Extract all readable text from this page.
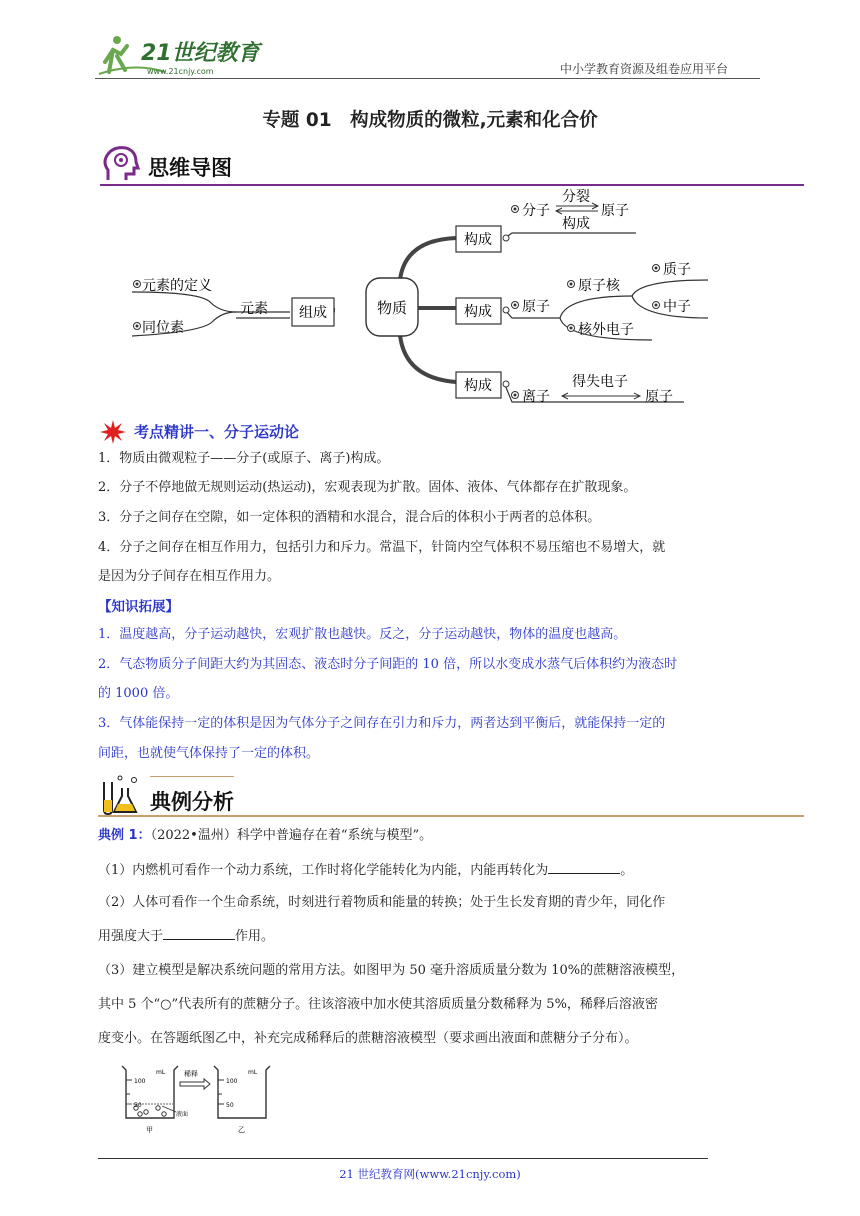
21世纪教育
www.21cnjy.com	中小学教育资源及组卷应用平台
专题 01　构成物质的微粒,元素和化合价
思维导图
物质
组成
构成
构成
构成
元素的定义
同位素
元素
分子
分裂
构成
原子
原子
原子核
核外电子
质子
中子
离子
得失电子
原子
考点精讲一、分子运动论
1．物质由微观粒子——分子(或原子、离子)构成。
2．分子不停地做无规则运动(热运动)，宏观表现为扩散。固体、液体、气体都存在扩散现象。
3．分子之间存在空隙，如一定体积的酒精和水混合，混合后的体积小于两者的总体积。
4．分子之间存在相互作用力，包括引力和斥力。常温下，针筒内空气体积不易压缩也不易增大，就
是因为分子间存在相互作用力。
【知识拓展】
1．温度越高，分子运动越快，宏观扩散也越快。反之，分子运动越快，物体的温度也越高。
2．气态物质分子间距大约为其固态、液态时分子间距的 10 倍，所以水变成水蒸气后体积约为液态时
的 1000 倍。
3．气体能保持一定的体积是因为气体分子之间存在引力和斥力，两者达到平衡后，就能保持一定的
间距，也就使气体保持了一定的体积。
典例分析
典例 1：（2022•温州）科学中普遍存在着“系统与模型”。
（1）内燃机可看作一个动力系统，工作时将化学能转化为内能，内能再转化为	。
（2）人体可看作一个生命系统，时刻进行着物质和能量的转换；处于生长发育期的青少年，同化作
用强度大于	作用。
（3）建立模型是解决系统问题的常用方法。如图甲为 50 毫升溶质质量分数为 10%的蔗糖溶液模型，
其中 5 个“○”代表所有的蔗糖分子。往该溶液中加水使其溶质质量分数稀释为 5%，稀释后溶液密
度变小。在答题纸图乙中，补充完成稀释后的蔗糖溶液模型（要求画出液面和蔗糖分子分布）。
mL
100
50
液面
甲
稀释	mL
100
50
乙
21 世纪教育网(www.21cnjy.com)
